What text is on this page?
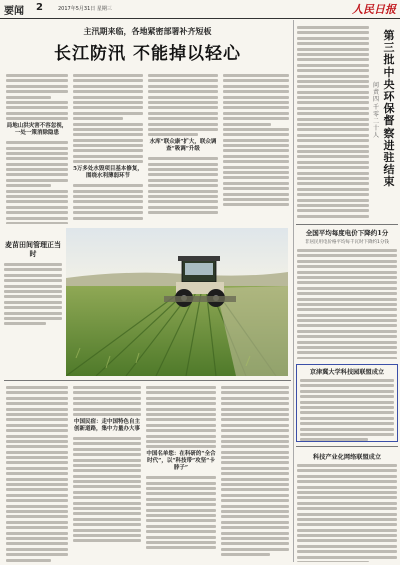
要闻 2	2017年5月31日 星期三	人民日报
主汛期来临，各地紧密部署补齐短板
长江防汛 不能掉以轻心
局地山洪灾害不容忽视，一处一策消除隐患
5万多处水毁项目基本修复，围绕水利薄弱环节
水库“联众康”扩大，联众调查“吸调”升级
麦苗田间管理正当时
中国民宿：走中国特色自主创新道路，集中力量办大事
中国名单您：在科研的“全合时代”，以“科技带”攻坚“卡脖子”
问责四千零二十人
第三批中央环保督察进驻结束
全国平均每度电价下降约1分
非居民用电价格平均每千瓦时下降约1分钱
京津冀大学科技园联盟成立
科技产业化网络联盟成立
